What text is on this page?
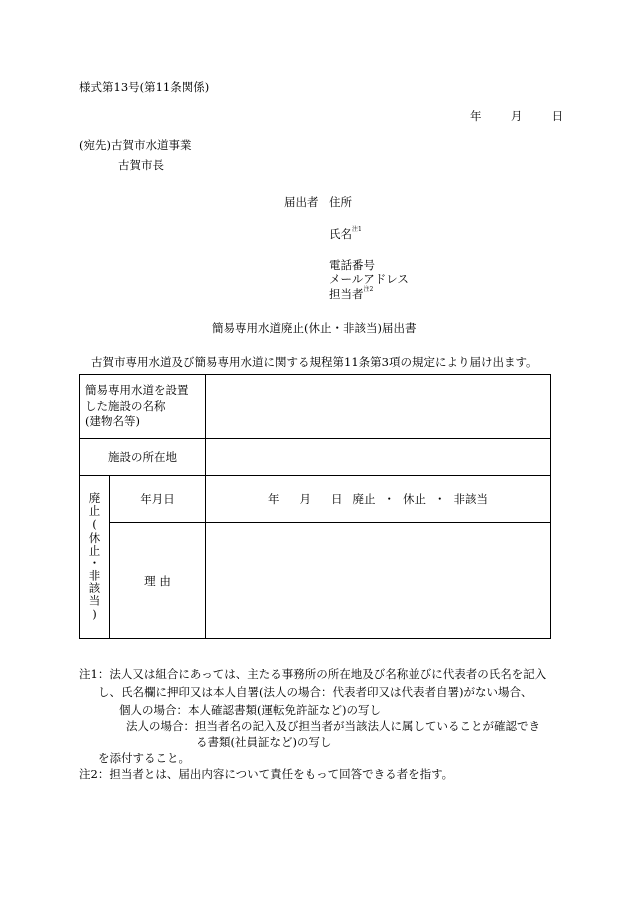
様式第13号(第11条関係)
年	月	日
(宛先)古賀市水道事業
古賀市長
届出者 住所
氏名$^{注1}$
電話番号
メールアドレス
担当者$^{注2}$
簡易専用水道廃止(休止・非該当)届出書
古賀市専用水道及び簡易専用水道に関する規程第11条第3項の規定により届け出ます。
簡易専用水道を設置
した施設の名称
(建物名等)		

施設の所在地		

廃止(休止・非該当)	年月日	年 月 日 廃止 ・ 休止 ・ 非該当
	理 由	
注1：法人又は組合にあっては、主たる事務所の所在地及び名称並びに代表者の氏名を記入
し、氏名欄に押印又は本人自署(法人の場合：代表者印又は代表者自署)がない場合、
個人の場合：本人確認書類(運転免許証など)の写し
法人の場合：担当者名の記入及び担当者が当該法人に属していることが確認でき
る書類(社員証など)の写し
を添付すること。
注2：担当者とは、届出内容について責任をもって回答できる者を指す。
